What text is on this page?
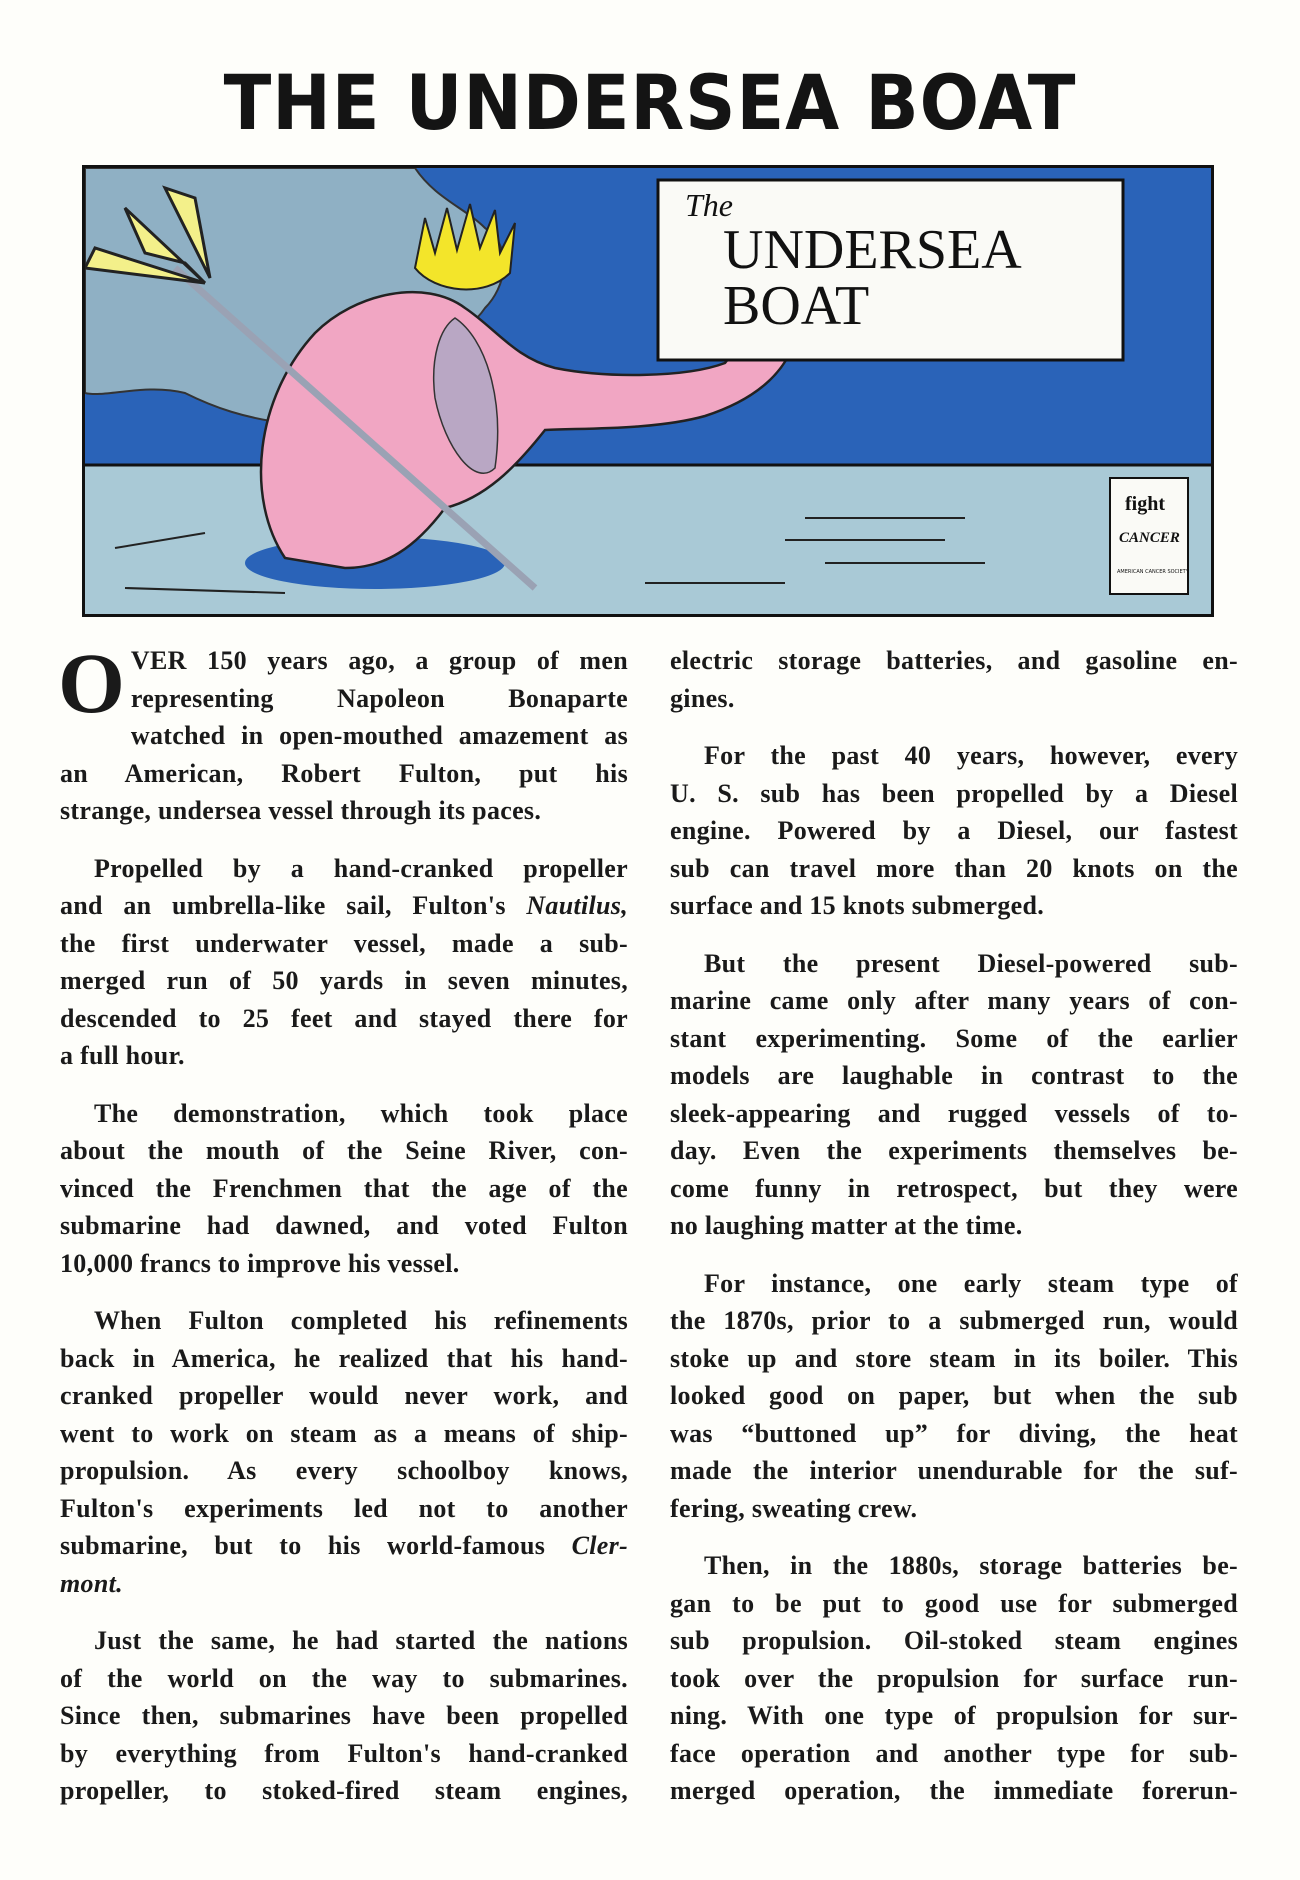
THE UNDERSEA BOAT
The
UNDERSEA
BOAT
fight
CANCER
AMERICAN CANCER SOCIETY
O VER 150 years ago, a group of men
representing Napoleon Bonaparte
watched in open-mouthed amazement as
an American, Robert Fulton, put his
strange, undersea vessel through its paces.
Propelled by a hand-cranked propeller
and an umbrella-like sail, Fulton's Nautilus,
the first underwater vessel, made a sub-
merged run of 50 yards in seven minutes,
descended to 25 feet and stayed there for
a full hour.
The demonstration, which took place
about the mouth of the Seine River, con-
vinced the Frenchmen that the age of the
submarine had dawned, and voted Fulton
10,000 francs to improve his vessel.
When Fulton completed his refinements
back in America, he realized that his hand-
cranked propeller would never work, and
went to work on steam as a means of ship-
propulsion. As every schoolboy knows,
Fulton's experiments led not to another
submarine, but to his world-famous Cler-
mont.
Just the same, he had started the nations
of the world on the way to submarines.
Since then, submarines have been propelled
by everything from Fulton's hand-cranked
propeller, to stoked-fired steam engines,
electric storage batteries, and gasoline en-
gines.
For the past 40 years, however, every
U. S. sub has been propelled by a Diesel
engine. Powered by a Diesel, our fastest
sub can travel more than 20 knots on the
surface and 15 knots submerged.
But the present Diesel-powered sub-
marine came only after many years of con-
stant experimenting. Some of the earlier
models are laughable in contrast to the
sleek-appearing and rugged vessels of to-
day. Even the experiments themselves be-
come funny in retrospect, but they were
no laughing matter at the time.
For instance, one early steam type of
the 1870s, prior to a submerged run, would
stoke up and store steam in its boiler. This
looked good on paper, but when the sub
was “buttoned up” for diving, the heat
made the interior unendurable for the suf-
fering, sweating crew.
Then, in the 1880s, storage batteries be-
gan to be put to good use for submerged
sub propulsion. Oil-stoked steam engines
took over the propulsion for surface run-
ning. With one type of propulsion for sur-
face operation and another type for sub-
merged operation, the immediate forerun-
